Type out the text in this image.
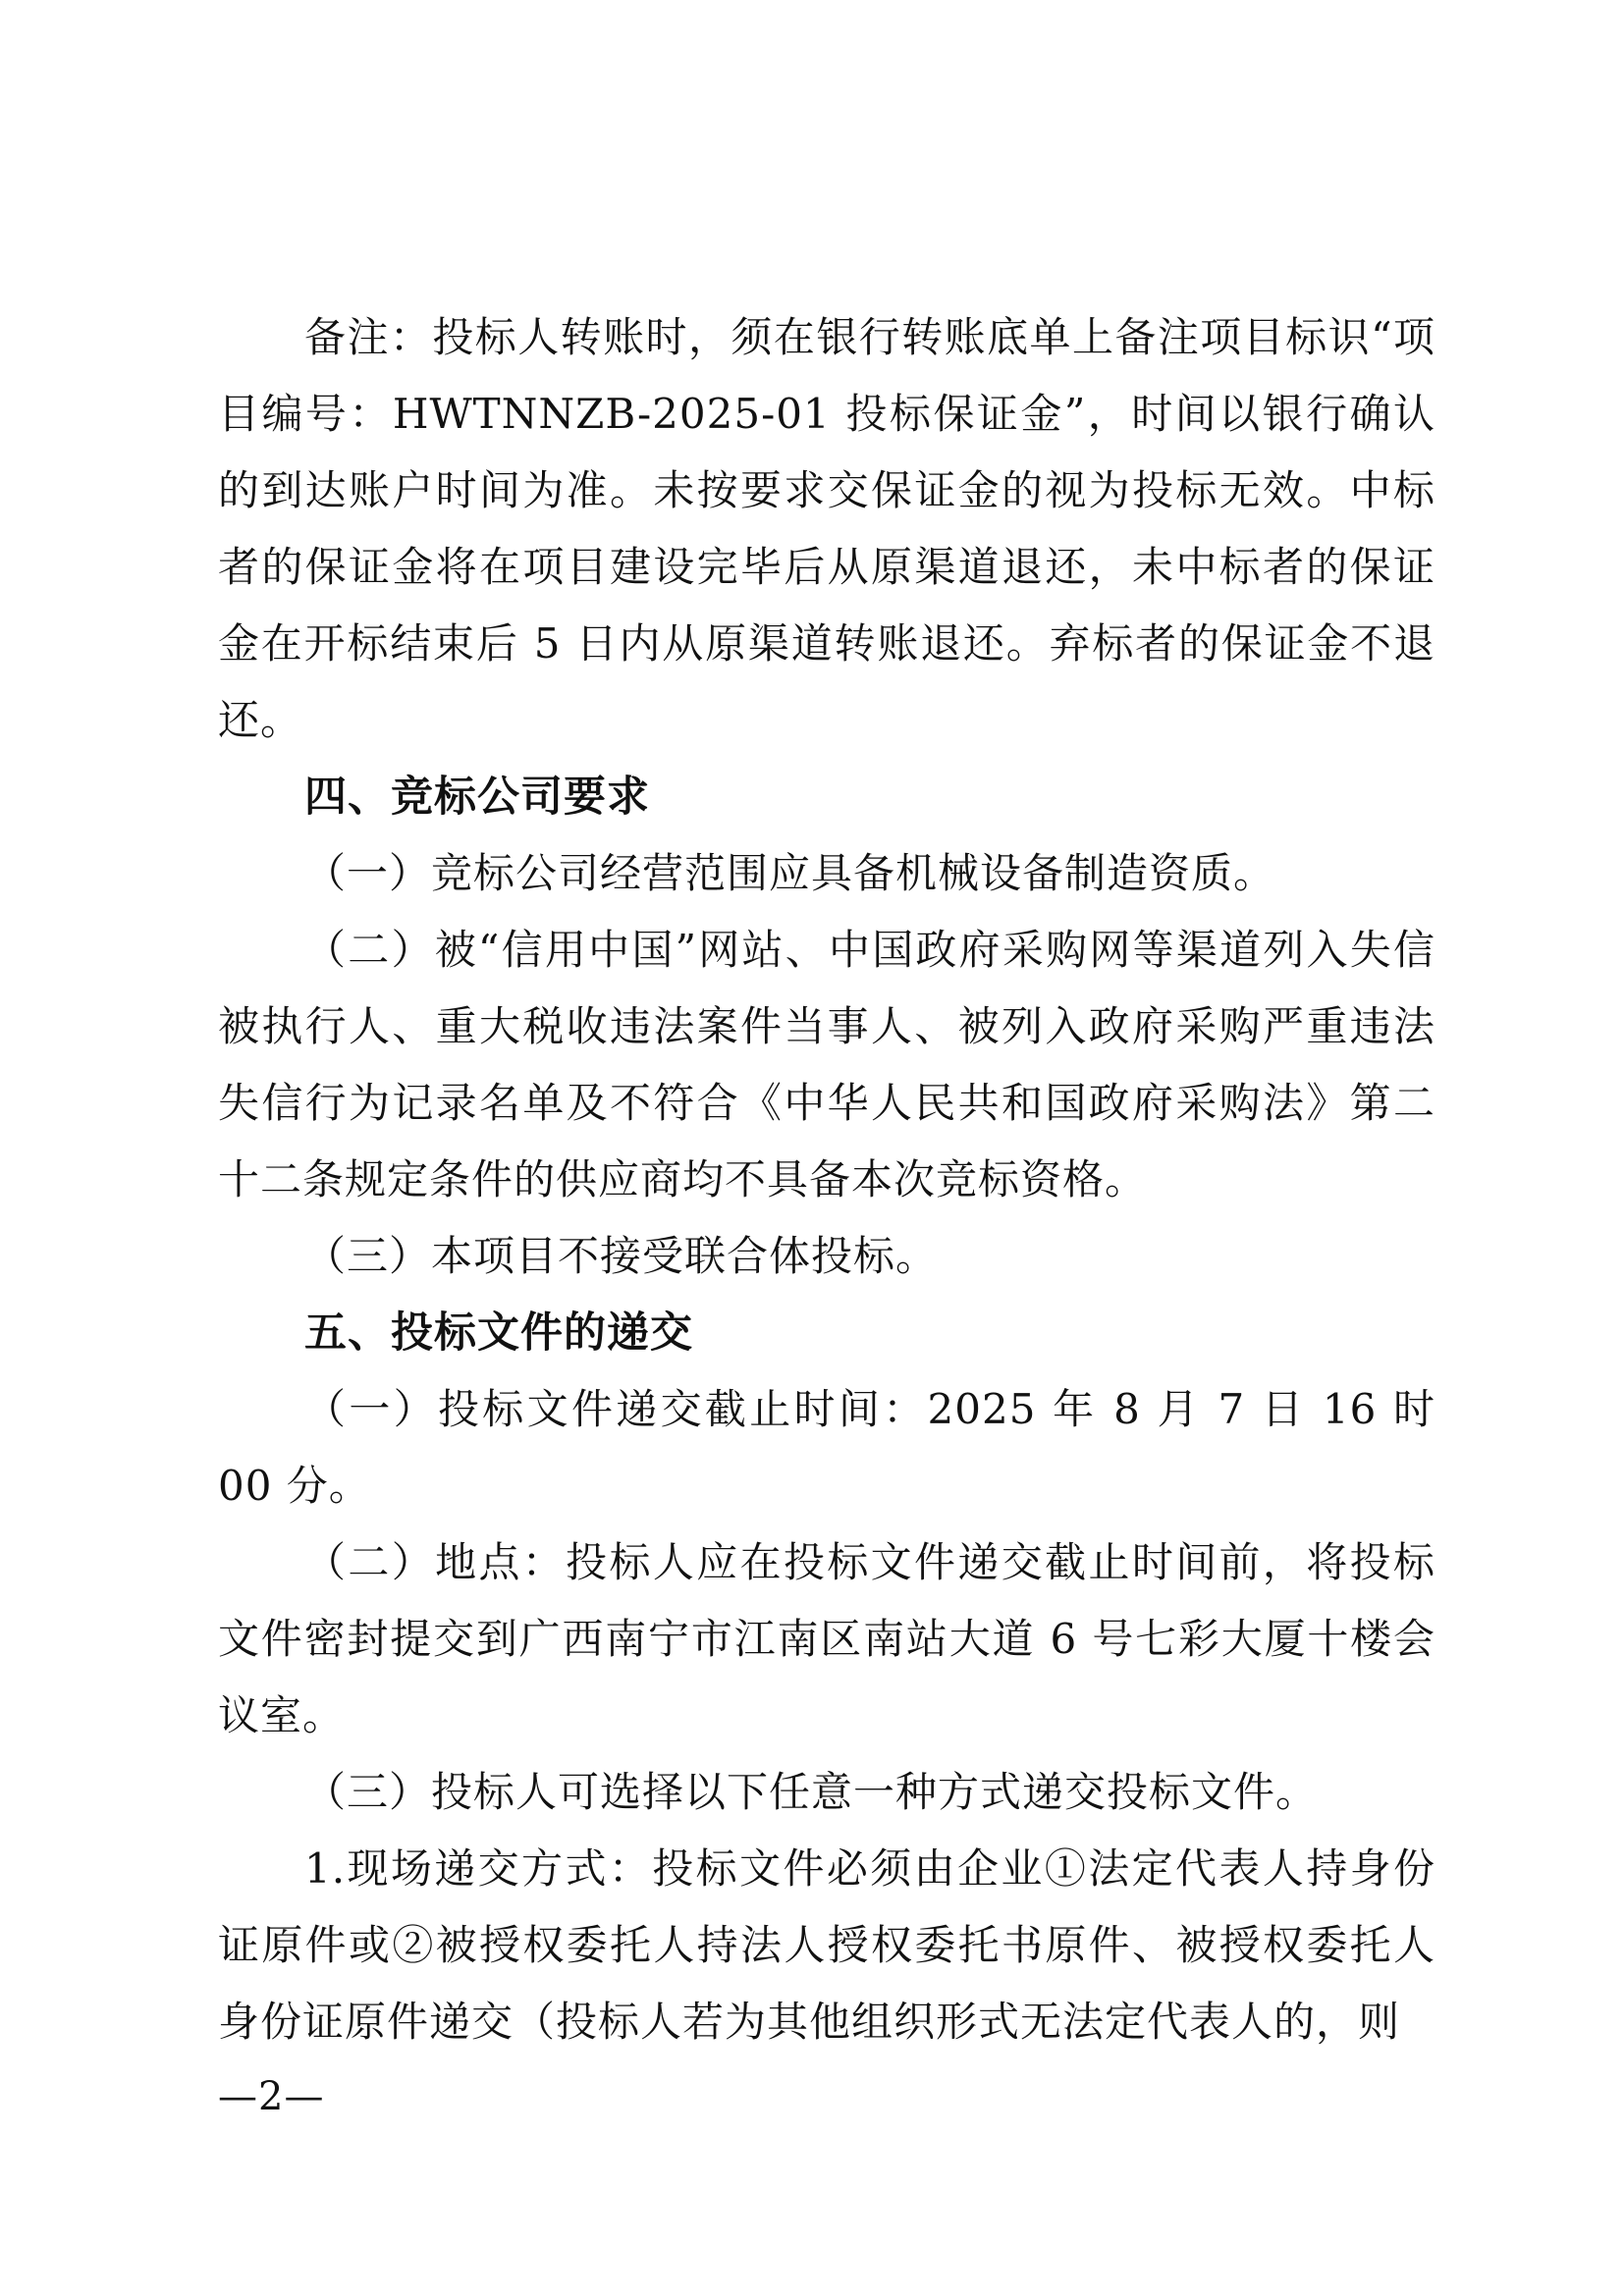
备注：投标人转账时，须在银行转账底单上备注项目标识“项目编号：HWTNNZB-2025-01 投标保证金”，时间以银行确认的到达账户时间为准。未按要求交保证金的视为投标无效。中标者的保证金将在项目建设完毕后从原渠道退还，未中标者的保证金在开标结束后 5 日内从原渠道转账退还。弃标者的保证金不退还。

四、竞标公司要求

（一）竞标公司经营范围应具备机械设备制造资质。

（二）被“信用中国”网站、中国政府采购网等渠道列入失信被执行人、重大税收违法案件当事人、被列入政府采购严重违法失信行为记录名单及不符合《中华人民共和国政府采购法》第二十二条规定条件的供应商均不具备本次竞标资格。

（三）本项目不接受联合体投标。

五、投标文件的递交

（一）投标文件递交截止时间：2025 年 8 月 7 日 16 时 00 分。

（二）地点：投标人应在投标文件递交截止时间前，将投标文件密封提交到广西南宁市江南区南站大道 6 号七彩大厦十楼会议室。

（三）投标人可选择以下任意一种方式递交投标文件。

1.现场递交方式：投标文件必须由企业①法定代表人持身份证原件或②被授权委托人持法人授权委托书原件、被授权委托人身份证原件递交（投标人若为其他组织形式无法定代表人的，则

—2—
